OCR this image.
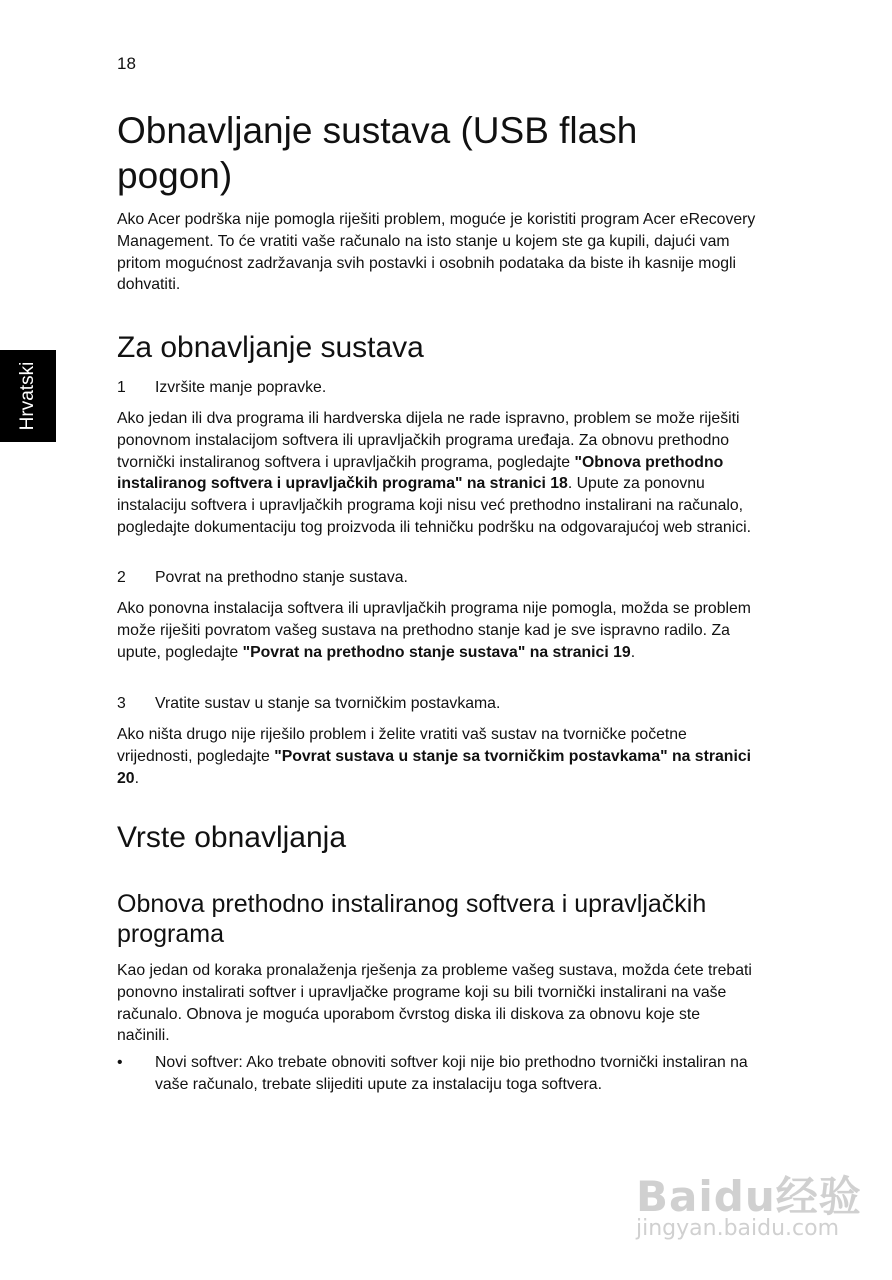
18
Hrvatski
Obnavljanje sustava (USB flash pogon)

Ako Acer podrška nije pomogla riješiti problem, moguće je koristiti program Acer eRecovery Management. To će vratiti vaše računalo na isto stanje u kojem ste ga kupili, dajući vam pritom mogućnost zadržavanja svih postavki i osobnih podataka da biste ih kasnije mogli dohvatiti.

Za obnavljanje sustava
1 Izvršite manje popravke.

Ako jedan ili dva programa ili hardverska dijela ne rade ispravno, problem se može riješiti ponovnom instalacijom softvera ili upravljačkih programa uređaja. Za obnovu prethodno tvornički instaliranog softvera i upravljačkih programa, pogledajte "Obnova prethodno instaliranog softvera i upravljačkih programa" na stranici 18. Upute za ponovnu instalaciju softvera i upravljačkih programa koji nisu već prethodno instalirani na računalo, pogledajte dokumentaciju tog proizvoda ili tehničku podršku na odgovarajućoj web stranici.

2 Povrat na prethodno stanje sustava.

Ako ponovna instalacija softvera ili upravljačkih programa nije pomogla, možda se problem može riješiti povratom vašeg sustava na prethodno stanje kad je sve ispravno radilo. Za upute, pogledajte "Povrat na prethodno stanje sustava" na stranici 19.

3 Vratite sustav u stanje sa tvorničkim postavkama.

Ako ništa drugo nije riješilo problem i želite vratiti vaš sustav na tvorničke početne vrijednosti, pogledajte "Povrat sustava u stanje sa tvorničkim postavkama" na stranici 20.

Vrste obnavljanja
Obnova prethodno instaliranog softvera i upravljačkih programa

Kao jedan od koraka pronalaženja rješenja za probleme vašeg sustava, možda ćete trebati ponovno instalirati softver i upravljačke programe koji su bili tvornički instalirani na vaše računalo. Obnova je moguća uporabom čvrstog diska ili diskova za obnovu koje ste načinili.

• Novi softver: Ako trebate obnoviti softver koji nije bio prethodno tvornički instaliran na vaše računalo, trebate slijediti upute za instalaciju toga softvera.
Baidu经验
jingyan.baidu.com
